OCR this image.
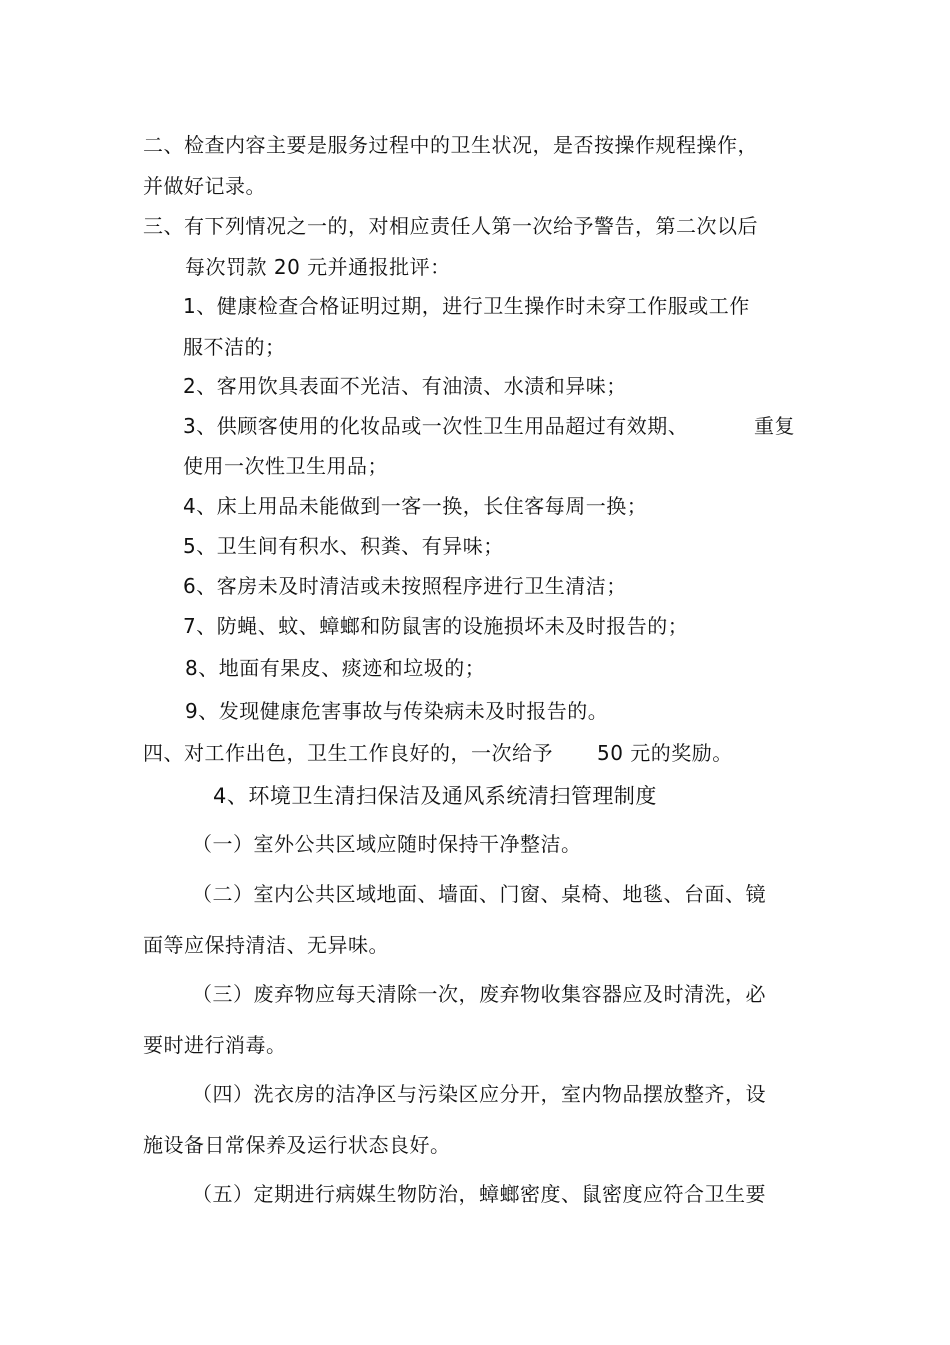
二、检查内容主要是服务过程中的卫生状况，是否按操作规程操作，
并做好记录。
三、有下列情况之一的，对相应责任人第一次给予警告，第二次以后
每次罚款 20 元并通报批评：
1、健康检查合格证明过期，进行卫生操作时未穿工作服或工作
服不洁的；
2、客用饮具表面不光洁、有油渍、水渍和异味；
3、供顾客使用的化妆品或一次性卫生用品超过有效期、	重复
使用一次性卫生用品；
4、床上用品未能做到一客一换，长住客每周一换；
5、卫生间有积水、积粪、有异味；
6、客房未及时清洁或未按照程序进行卫生清洁；
7、防蝇、蚊、蟑螂和防鼠害的设施损坏未及时报告的；
8、地面有果皮、痰迹和垃圾的；
9、发现健康危害事故与传染病未及时报告的。
四、对工作出色，卫生工作良好的，一次给予 50 元的奖励。
4、环境卫生清扫保洁及通风系统清扫管理制度
（一）室外公共区域应随时保持干净整洁。
（二）室内公共区域地面、墙面、门窗、桌椅、地毯、台面、镜
面等应保持清洁、无异味。
（三）废弃物应每天清除一次，废弃物收集容器应及时清洗，必
要时进行消毒。
（四）洗衣房的洁净区与污染区应分开，室内物品摆放整齐，设
施设备日常保养及运行状态良好。
（五）定期进行病媒生物防治，蟑螂密度、鼠密度应符合卫生要
